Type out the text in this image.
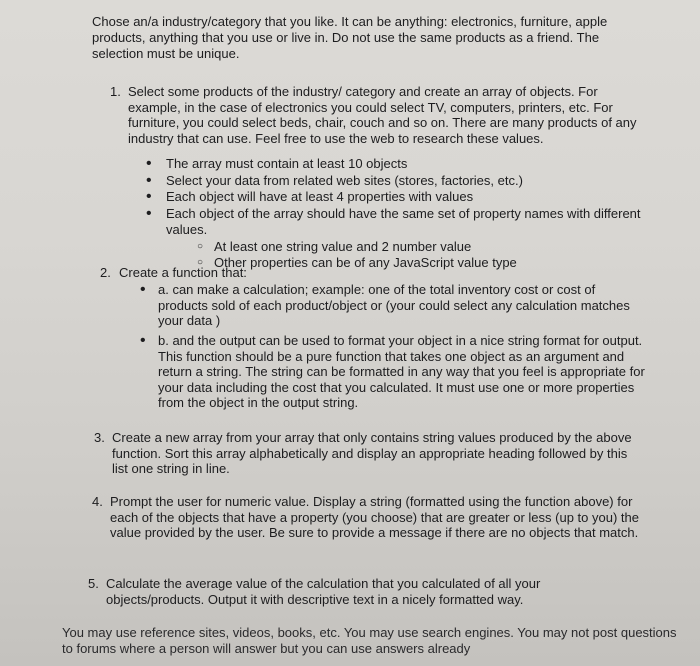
Chose an/a industry/category that you like. It can be anything: electronics, furniture, apple products, anything that you use or live in. Do not use the same products as a friend. The selection must be unique.
1. Select some products of the industry/ category and create an array of objects. For example, in the case of electronics you could select TV, computers, printers, etc. For furniture, you could select beds, chair, couch and so on. There are many products of any industry that can use. Feel free to use the web to research these values.
• The array must contain at least 10 objects
• Select your data from related web sites (stores, factories, etc.)
• Each object will have at least 4 properties with values
• Each object of the array should have the same set of property names with different values.
○ At least one string value and 2 number value
○ Other properties can be of any JavaScript value type
2. Create a function that:
• a. can make a calculation; example: one of the total inventory cost or cost of products sold of each product/object or (your could select any calculation matches your data )
• b. and the output can be used to format your object in a nice string format for output. This function should be a pure function that takes one object as an argument and return a string. The string can be formatted in any way that you feel is appropriate for your data including the cost that you calculated. It must use one or more properties from the object in the output string.
3. Create a new array from your array that only contains string values produced by the above function. Sort this array alphabetically and display an appropriate heading followed by this list one string in line.
4. Prompt the user for numeric value. Display a string (formatted using the function above) for each of the objects that have a property (you choose) that are greater or less (up to you) the value provided by the user. Be sure to provide a message if there are no objects that match.
5. Calculate the average value of the calculation that you calculated of all your objects/products. Output it with descriptive text in a nicely formatted way.
You may use reference sites, videos, books, etc. You may use search engines. You may not post questions to forums where a person will answer but you can use answers already
